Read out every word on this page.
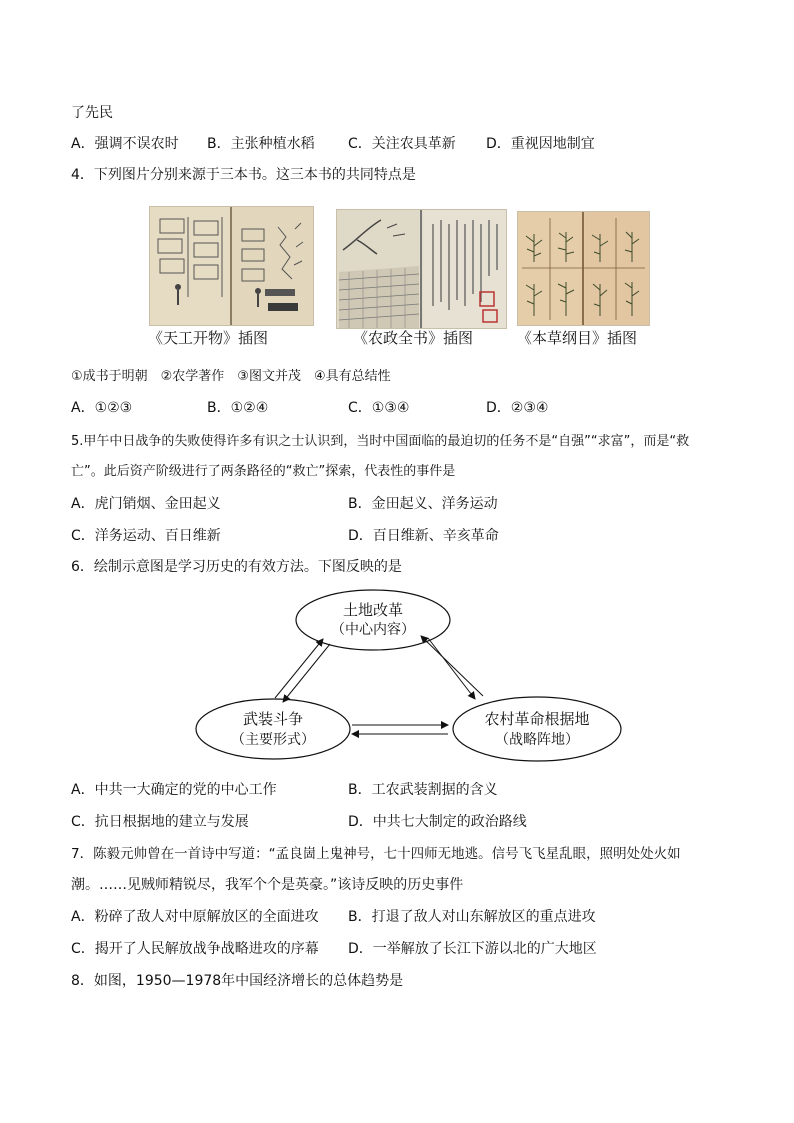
了先民
A．强调不误农时 B．主张种植水稻 C．关注农具革新 D．重视因地制宜
4．下列图片分别来源于三本书。这三本书的共同特点是
《天工开物》插图	《农政全书》插图	《本草纲目》插图
①成书于明朝　②农学著作　③图文并茂　④具有总结性
A．①②③	B．①②④	C．①③④	D．②③④
5.甲午中日战争的失败使得许多有识之士认识到，当时中国面临的最迫切的任务不是“自强”“求富”，而是“救
亡”。此后资产阶级进行了两条路径的“救亡”探索，代表性的事件是
A．虎门销烟、金田起义	B．金田起义、洋务运动
C．洋务运动、百日维新	D．百日维新、辛亥革命
6．绘制示意图是学习历史的有效方法。下图反映的是
土地改革
（中心内容）
武装斗争
（主要形式）
农村革命根据地
（战略阵地）
A．中共一大确定的党的中心工作	B．工农武装割据的含义
C．抗日根据地的建立与发展	D．中共七大制定的政治路线
7．陈毅元帅曾在一首诗中写道：“孟良崮上鬼神号，七十四师无地逃。信号飞飞星乱眼，照明处处火如
潮。……见贼师精锐尽，我军个个是英豪。”该诗反映的历史事件
A．粉碎了敌人对中原解放区的全面进攻 B．打退了敌人对山东解放区的重点进攻
C．揭开了人民解放战争战略进攻的序幕 D．一举解放了长江下游以北的广大地区
8．如图，1950—1978年中国经济增长的总体趋势是
